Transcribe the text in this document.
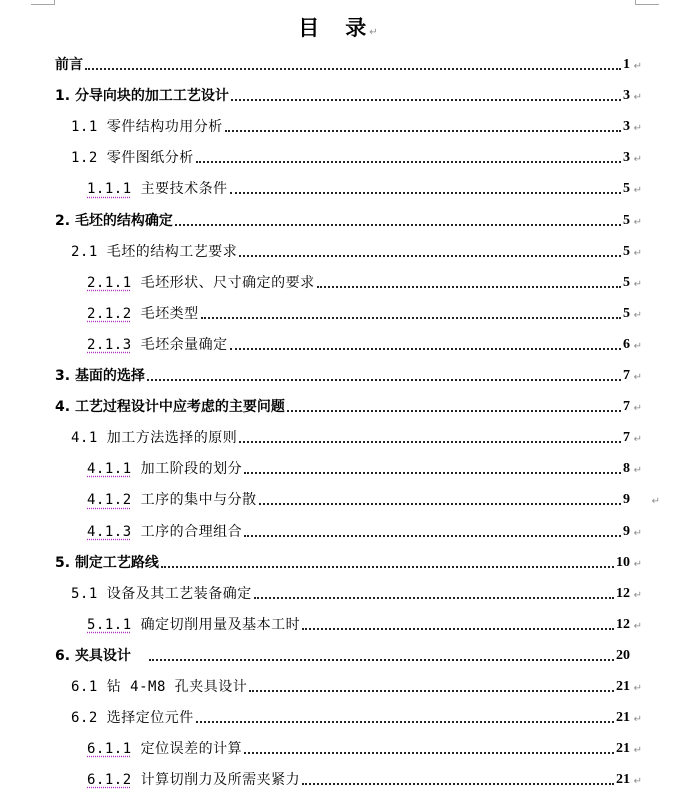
目 录↵
前言	1 ↵
1. 分导向块的加工工艺设计	3 ↵
1.1 零件结构功用分析	3 ↵
1.2 零件图纸分析	3 ↵
1.1.1 主要技术条件	5 ↵
2. 毛坯的结构确定	5 ↵
2.1 毛坯的结构工艺要求	5 ↵
2.1.1 毛坯形状、尺寸确定的要求	5 ↵
2.1.2 毛坯类型	5 ↵
2.1.3 毛坯余量确定	6 ↵
3. 基面的选择	7 ↵
4. 工艺过程设计中应考虑的主要问题	7 ↵
4.1 加工方法选择的原则	7 ↵
4.1.1 加工阶段的划分	8 ↵
4.1.2 工序的集中与分散	9 ↵
4.1.3 工序的合理组合	9 ↵
5. 制定工艺路线	10 ↵
5.1 设备及其工艺装备确定	12 ↵
5.1.1 确定切削用量及基本工时	12 ↵
6. 夹具设计	20
6.1 钻 4-M8 孔夹具设计	21 ↵
6.2 选择定位元件	21 ↵
6.1.1 定位误差的计算	21 ↵
6.1.2 计算切削力及所需夹紧力	21 ↵
